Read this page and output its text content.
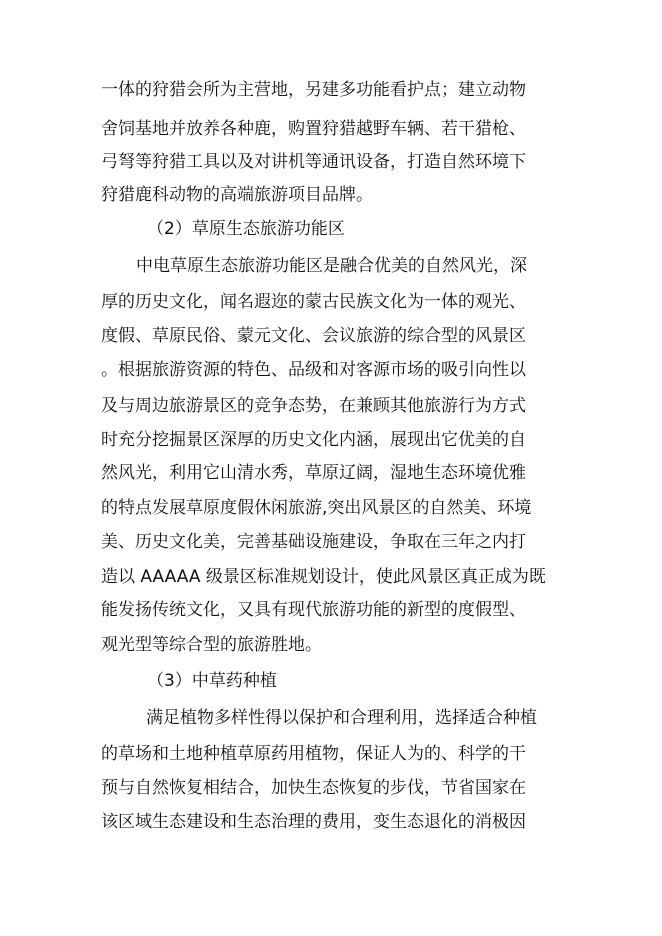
一体的狩猎会所为主营地，另建多功能看护点；建立动物
舍饲基地并放养各种鹿，购置狩猎越野车辆、若干猎枪、
弓弩等狩猎工具以及对讲机等通讯设备，打造自然环境下
狩猎鹿科动物的高端旅游项目品牌。
（2）草原生态旅游功能区
中电草原生态旅游功能区是融合优美的自然风光，深
厚的历史文化，闻名遐迩的蒙古民族文化为一体的观光、
度假、草原民俗、蒙元文化、会议旅游的综合型的风景区
。根据旅游资源的特色、品级和对客源市场的吸引向性以
及与周边旅游景区的竞争态势，在兼顾其他旅游行为方式
时充分挖掘景区深厚的历史文化内涵，展现出它优美的自
然风光，利用它山清水秀，草原辽阔，湿地生态环境优雅
的特点发展草原度假休闲旅游,突出风景区的自然美、环境
美、历史文化美，完善基础设施建设，争取在三年之内打
造以 AAAAA 级景区标准规划设计，使此风景区真正成为既
能发扬传统文化，又具有现代旅游功能的新型的度假型、
观光型等综合型的旅游胜地。
（3）中草药种植
满足植物多样性得以保护和合理利用，选择适合种植
的草场和土地种植草原药用植物，保证人为的、科学的干
预与自然恢复相结合，加快生态恢复的步伐，节省国家在
该区域生态建设和生态治理的费用，变生态退化的消极因
